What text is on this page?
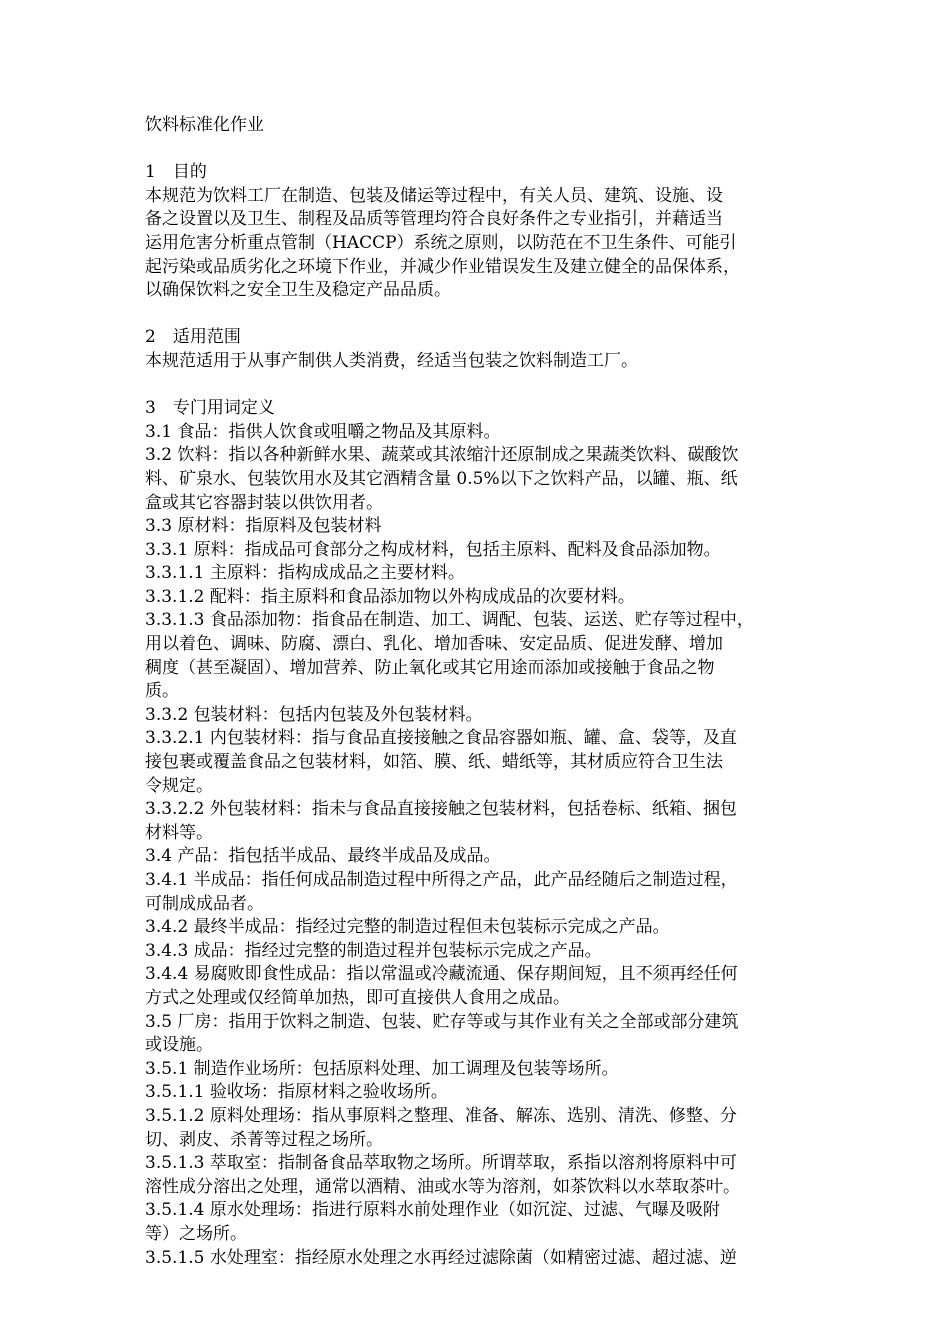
饮料标准化作业
1　目的
本规范为饮料工厂在制造、包装及储运等过程中，有关人员、建筑、设施、设
备之设置以及卫生、制程及品质等管理均符合良好条件之专业指引，并藉适当
运用危害分析重点管制（HACCP）系统之原则，以防范在不卫生条件、可能引
起污染或品质劣化之环境下作业，并减少作业错误发生及建立健全的品保体系，
以确保饮料之安全卫生及稳定产品品质。
2　适用范围
本规范适用于从事产制供人类消费，经适当包装之饮料制造工厂。
3　专门用词定义
3.1 食品：指供人饮食或咀嚼之物品及其原料。
3.2 饮料：指以各种新鲜水果、蔬菜或其浓缩汁还原制成之果蔬类饮料、碳酸饮
料、矿泉水、包装饮用水及其它酒精含量 0.5%以下之饮料产品，以罐、瓶、纸
盒或其它容器封装以供饮用者。
3.3 原材料：指原料及包装材料
3.3.1 原料：指成品可食部分之构成材料，包括主原料、配料及食品添加物。
3.3.1.1 主原料：指构成成品之主要材料。
3.3.1.2 配料：指主原料和食品添加物以外构成成品的次要材料。
3.3.1.3 食品添加物：指食品在制造、加工、调配、包装、运送、贮存等过程中，
用以着色、调味、防腐、漂白、乳化、增加香味、安定品质、促进发酵、增加
稠度（甚至凝固）、增加营养、防止氧化或其它用途而添加或接触于食品之物
质。
3.3.2 包装材料：包括内包装及外包装材料。
3.3.2.1 内包装材料：指与食品直接接触之食品容器如瓶、罐、盒、袋等，及直
接包裹或覆盖食品之包装材料，如箔、膜、纸、蜡纸等，其材质应符合卫生法
令规定。
3.3.2.2 外包装材料：指未与食品直接接触之包装材料，包括卷标、纸箱、捆包
材料等。
3.4 产品：指包括半成品、最终半成品及成品。
3.4.1 半成品：指任何成品制造过程中所得之产品，此产品经随后之制造过程，
可制成成品者。
3.4.2 最终半成品：指经过完整的制造过程但未包装标示完成之产品。
3.4.3 成品：指经过完整的制造过程并包装标示完成之产品。
3.4.4 易腐败即食性成品：指以常温或冷藏流通、保存期间短，且不须再经任何
方式之处理或仅经简单加热，即可直接供人食用之成品。
3.5 厂房：指用于饮料之制造、包装、贮存等或与其作业有关之全部或部分建筑
或设施。
3.5.1 制造作业场所：包括原料处理、加工调理及包装等场所。
3.5.1.1 验收场：指原材料之验收场所。
3.5.1.2 原料处理场：指从事原料之整理、准备、解冻、选别、清洗、修整、分
切、剥皮、杀菁等过程之场所。
3.5.1.3 萃取室：指制备食品萃取物之场所。所谓萃取，系指以溶剂将原料中可
溶性成分溶出之处理，通常以酒精、油或水等为溶剂，如茶饮料以水萃取茶叶。
3.5.1.4 原水处理场：指进行原料水前处理作业（如沉淀、过滤、气曝及吸附
等）之场所。
3.5.1.5 水处理室：指经原水处理之水再经过滤除菌（如精密过滤、超过滤、逆
